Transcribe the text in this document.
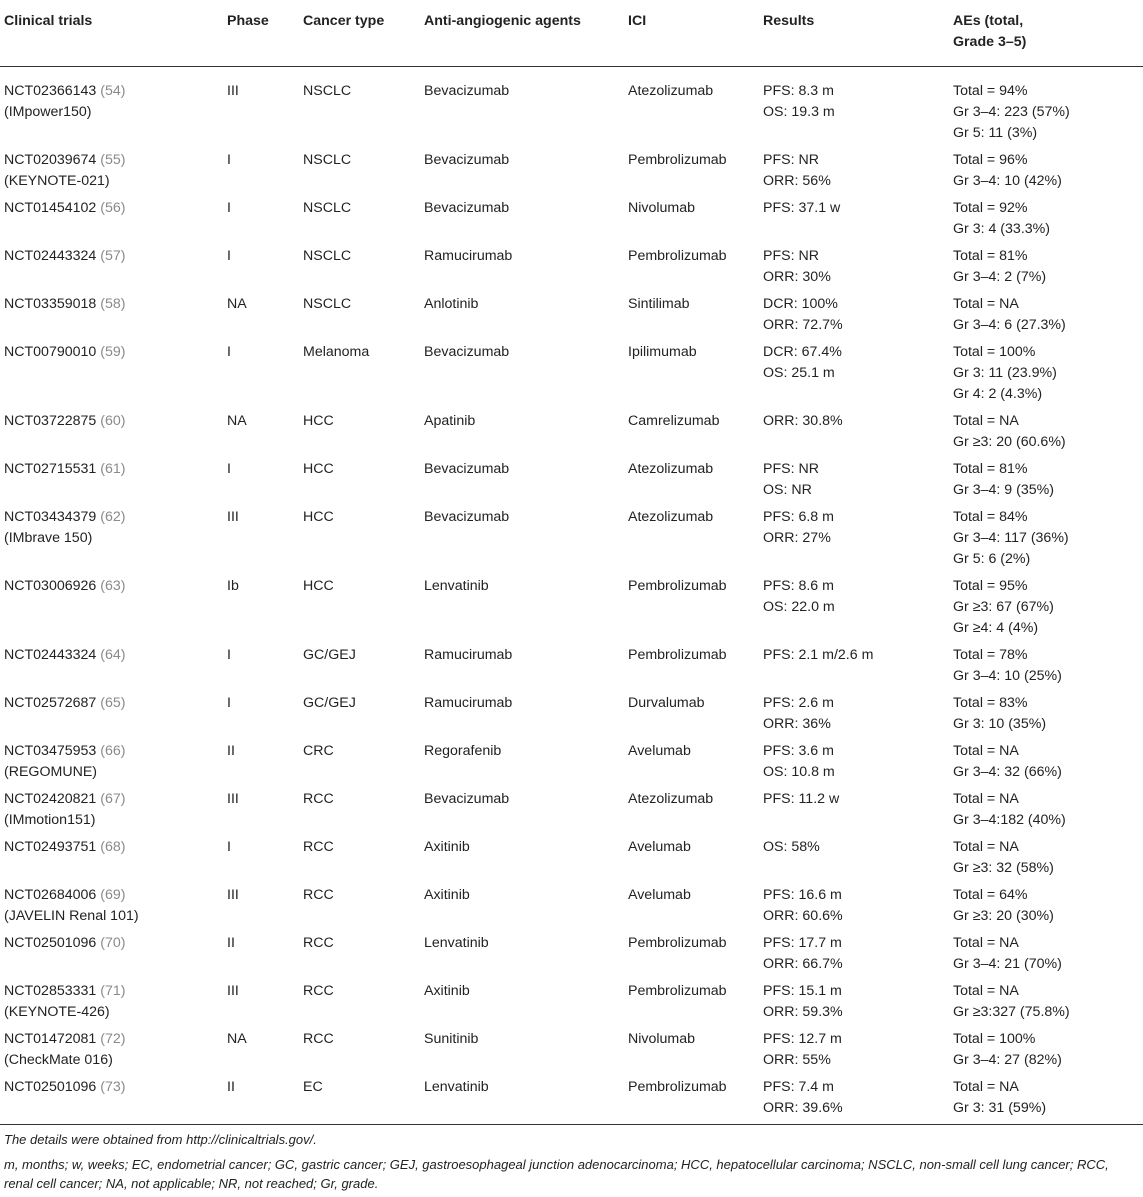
Clinical trials	Phase	Cancer type	Anti-angiogenic agents	ICI	Results	AEs (total,
Grade 3–5)

NCT02366143 (54)
(IMpower150)	III	NSCLC	Bevacizumab	Atezolizumab	PFS: 8.3 m
OS: 19.3 m	Total = 94%
Gr 3–4: 223 (57%)
Gr 5: 11 (3%)

NCT02039674 (55)
(KEYNOTE-021)	I	NSCLC	Bevacizumab	Pembrolizumab	PFS: NR
ORR: 56%	Total = 96%
Gr 3–4: 10 (42%)

NCT01454102 (56)	I	NSCLC	Bevacizumab	Nivolumab	PFS: 37.1 w	Total = 92%
Gr 3: 4 (33.3%)

NCT02443324 (57)	I	NSCLC	Ramucirumab	Pembrolizumab	PFS: NR
ORR: 30%	Total = 81%
Gr 3–4: 2 (7%)

NCT03359018 (58)	NA	NSCLC	Anlotinib	Sintilimab	DCR: 100%
ORR: 72.7%	Total = NA
Gr 3–4: 6 (27.3%)

NCT00790010 (59)	I	Melanoma	Bevacizumab	Ipilimumab	DCR: 67.4%
OS: 25.1 m	Total = 100%
Gr 3: 11 (23.9%)
Gr 4: 2 (4.3%)

NCT03722875 (60)	NA	HCC	Apatinib	Camrelizumab	ORR: 30.8%	Total = NA
Gr ≥3: 20 (60.6%)

NCT02715531 (61)	I	HCC	Bevacizumab	Atezolizumab	PFS: NR
OS: NR	Total = 81%
Gr 3–4: 9 (35%)

NCT03434379 (62)
(IMbrave 150)	III	HCC	Bevacizumab	Atezolizumab	PFS: 6.8 m
ORR: 27%	Total = 84%
Gr 3–4: 117 (36%)
Gr 5: 6 (2%)

NCT03006926 (63)	Ib	HCC	Lenvatinib	Pembrolizumab	PFS: 8.6 m
OS: 22.0 m	Total = 95%
Gr ≥3: 67 (67%)
Gr ≥4: 4 (4%)

NCT02443324 (64)	I	GC/GEJ	Ramucirumab	Pembrolizumab	PFS: 2.1 m/2.6 m	Total = 78%
Gr 3–4: 10 (25%)

NCT02572687 (65)	I	GC/GEJ	Ramucirumab	Durvalumab	PFS: 2.6 m
ORR: 36%	Total = 83%
Gr 3: 10 (35%)

NCT03475953 (66)
(REGOMUNE)	II	CRC	Regorafenib	Avelumab	PFS: 3.6 m
OS: 10.8 m	Total = NA
Gr 3–4: 32 (66%)

NCT02420821 (67)
(IMmotion151)	III	RCC	Bevacizumab	Atezolizumab	PFS: 11.2 w	Total = NA
Gr 3–4:182 (40%)

NCT02493751 (68)	I	RCC	Axitinib	Avelumab	OS: 58%	Total = NA
Gr ≥3: 32 (58%)

NCT02684006 (69)
(JAVELIN Renal 101)	III	RCC	Axitinib	Avelumab	PFS: 16.6 m
ORR: 60.6%	Total = 64%
Gr ≥3: 20 (30%)

NCT02501096 (70)	II	RCC	Lenvatinib	Pembrolizumab	PFS: 17.7 m
ORR: 66.7%	Total = NA
Gr 3–4: 21 (70%)

NCT02853331 (71)
(KEYNOTE-426)	III	RCC	Axitinib	Pembrolizumab	PFS: 15.1 m
ORR: 59.3%	Total = NA
Gr ≥3:327 (75.8%)

NCT01472081 (72)
(CheckMate 016)	NA	RCC	Sunitinib	Nivolumab	PFS: 12.7 m
ORR: 55%	Total = 100%
Gr 3–4: 27 (82%)

NCT02501096 (73)	II	EC	Lenvatinib	Pembrolizumab	PFS: 7.4 m
ORR: 39.6%	Total = NA
Gr 3: 31 (59%)

The details were obtained from http://clinicaltrials.gov/.

m, months; w, weeks; EC, endometrial cancer; GC, gastric cancer; GEJ, gastroesophageal junction adenocarcinoma; HCC, hepatocellular carcinoma; NSCLC, non-small cell lung cancer; RCC, renal cell cancer; NA, not applicable; NR, not reached; Gr, grade.
